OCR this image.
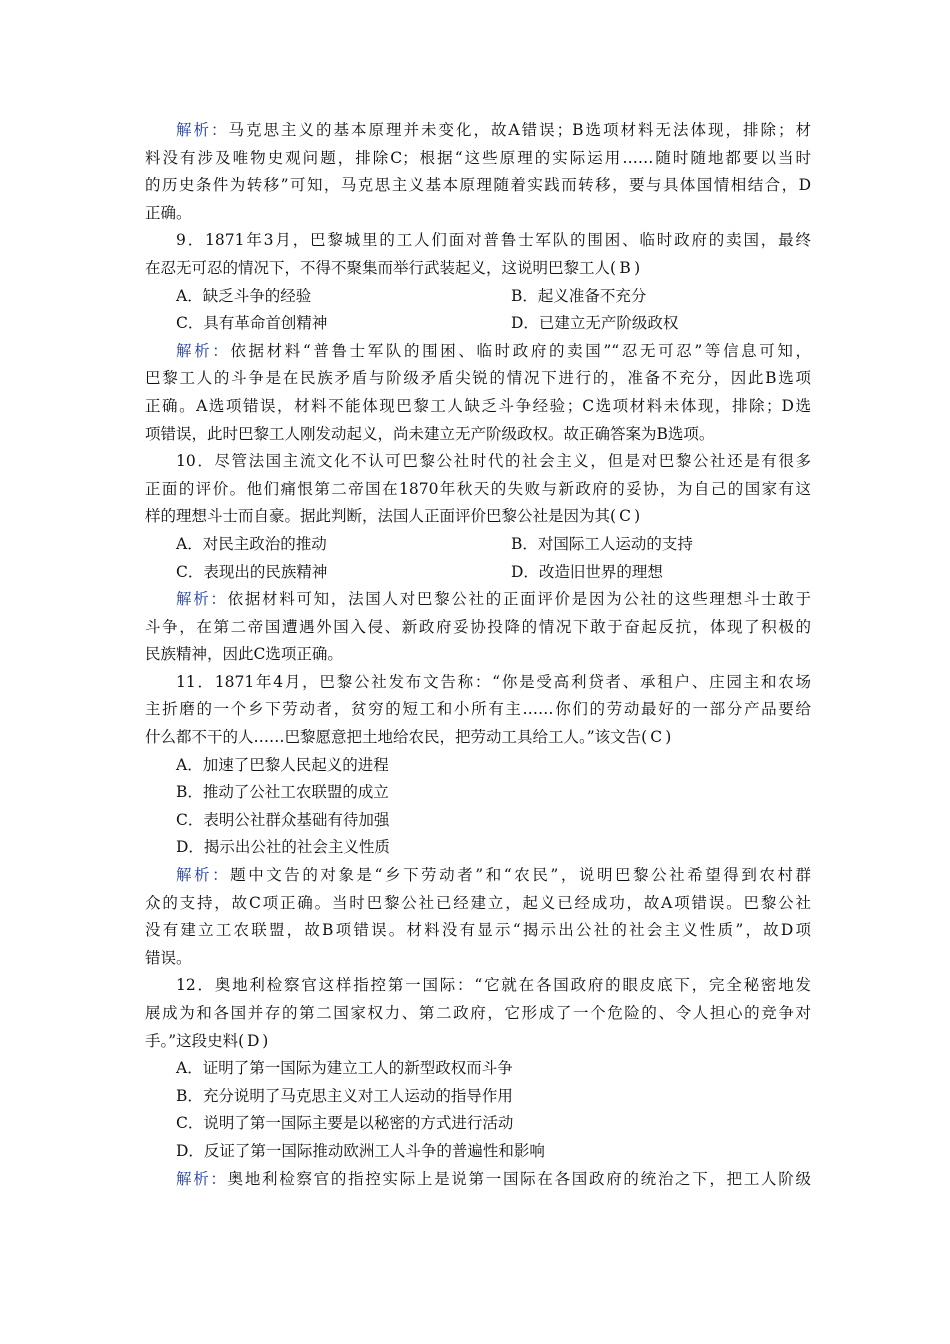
解析：马克思主义的基本原理并未变化，故A错误；B选项材料无法体现，排除；材
料没有涉及唯物史观问题，排除C；根据“这些原理的实际运用……随时随地都要以当时
的历史条件为转移”可知，马克思主义基本原理随着实践而转移，要与具体国情相结合，D
正确。
9．1871年3月，巴黎城里的工人们面对普鲁士军队的围困、临时政府的卖国，最终
在忍无可忍的情况下，不得不聚集而举行武装起义，这说明巴黎工人( B )
A．缺乏斗争的经验	B．起义准备不充分
C．具有革命首创精神	D．已建立无产阶级政权
解析：依据材料“普鲁士军队的围困、临时政府的卖国”“忍无可忍”等信息可知，
巴黎工人的斗争是在民族矛盾与阶级矛盾尖锐的情况下进行的，准备不充分，因此B选项
正确。A选项错误，材料不能体现巴黎工人缺乏斗争经验；C选项材料未体现，排除；D选
项错误，此时巴黎工人刚发动起义，尚未建立无产阶级政权。故正确答案为B选项。
10．尽管法国主流文化不认可巴黎公社时代的社会主义，但是对巴黎公社还是有很多
正面的评价。他们痛恨第二帝国在1870年秋天的失败与新政府的妥协，为自己的国家有这
样的理想斗士而自豪。据此判断，法国人正面评价巴黎公社是因为其( C )
A．对民主政治的推动	B．对国际工人运动的支持
C．表现出的民族精神	D．改造旧世界的理想
解析：依据材料可知，法国人对巴黎公社的正面评价是因为公社的这些理想斗士敢于
斗争，在第二帝国遭遇外国入侵、新政府妥协投降的情况下敢于奋起反抗，体现了积极的
民族精神，因此C选项正确。
11．1871年4月，巴黎公社发布文告称：“你是受高利贷者、承租户、庄园主和农场
主折磨的一个乡下劳动者，贫穷的短工和小所有主……你们的劳动最好的一部分产品要给
什么都不干的人……巴黎愿意把土地给农民，把劳动工具给工人。”该文告( C )
A．加速了巴黎人民起义的进程
B．推动了公社工农联盟的成立
C．表明公社群众基础有待加强
D．揭示出公社的社会主义性质
解析：题中文告的对象是“乡下劳动者”和“农民”，说明巴黎公社希望得到农村群
众的支持，故C项正确。当时巴黎公社已经建立，起义已经成功，故A项错误。巴黎公社
没有建立工农联盟，故B项错误。材料没有显示“揭示出公社的社会主义性质”，故D项
错误。
12．奥地利检察官这样指控第一国际：“它就在各国政府的眼皮底下，完全秘密地发
展成为和各国并存的第二国家权力、第二政府，它形成了一个危险的、令人担心的竞争对
手。”这段史料( D )
A．证明了第一国际为建立工人的新型政权而斗争
B．充分说明了马克思主义对工人运动的指导作用
C．说明了第一国际主要是以秘密的方式进行活动
D．反证了第一国际推动欧洲工人斗争的普遍性和影响
解析：奥地利检察官的指控实际上是说第一国际在各国政府的统治之下，把工人阶级
